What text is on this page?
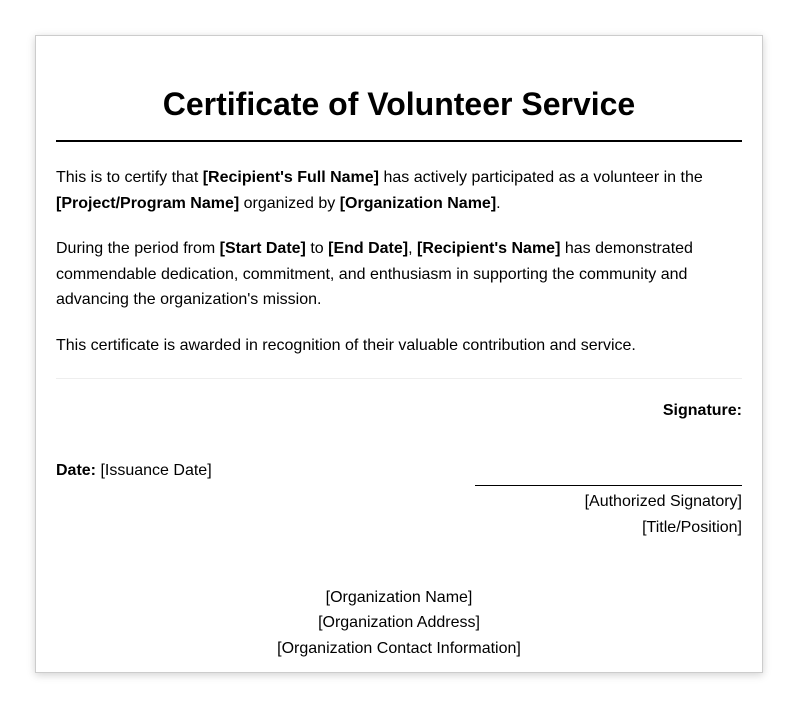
Certificate of Volunteer Service

This is to certify that [Recipient's Full Name] has actively participated as a volunteer in the [Project/Program Name] organized by [Organization Name].

During the period from [Start Date] to [End Date], [Recipient's Name] has demonstrated commendable dedication, commitment, and enthusiasm in supporting the community and advancing the organization's mission.

This certificate is awarded in recognition of their valuable contribution and service.

Signature:
Date: [Issuance Date]
[Authorized Signatory]
[Title/Position]
[Organization Name]
[Organization Address]
[Organization Contact Information]
